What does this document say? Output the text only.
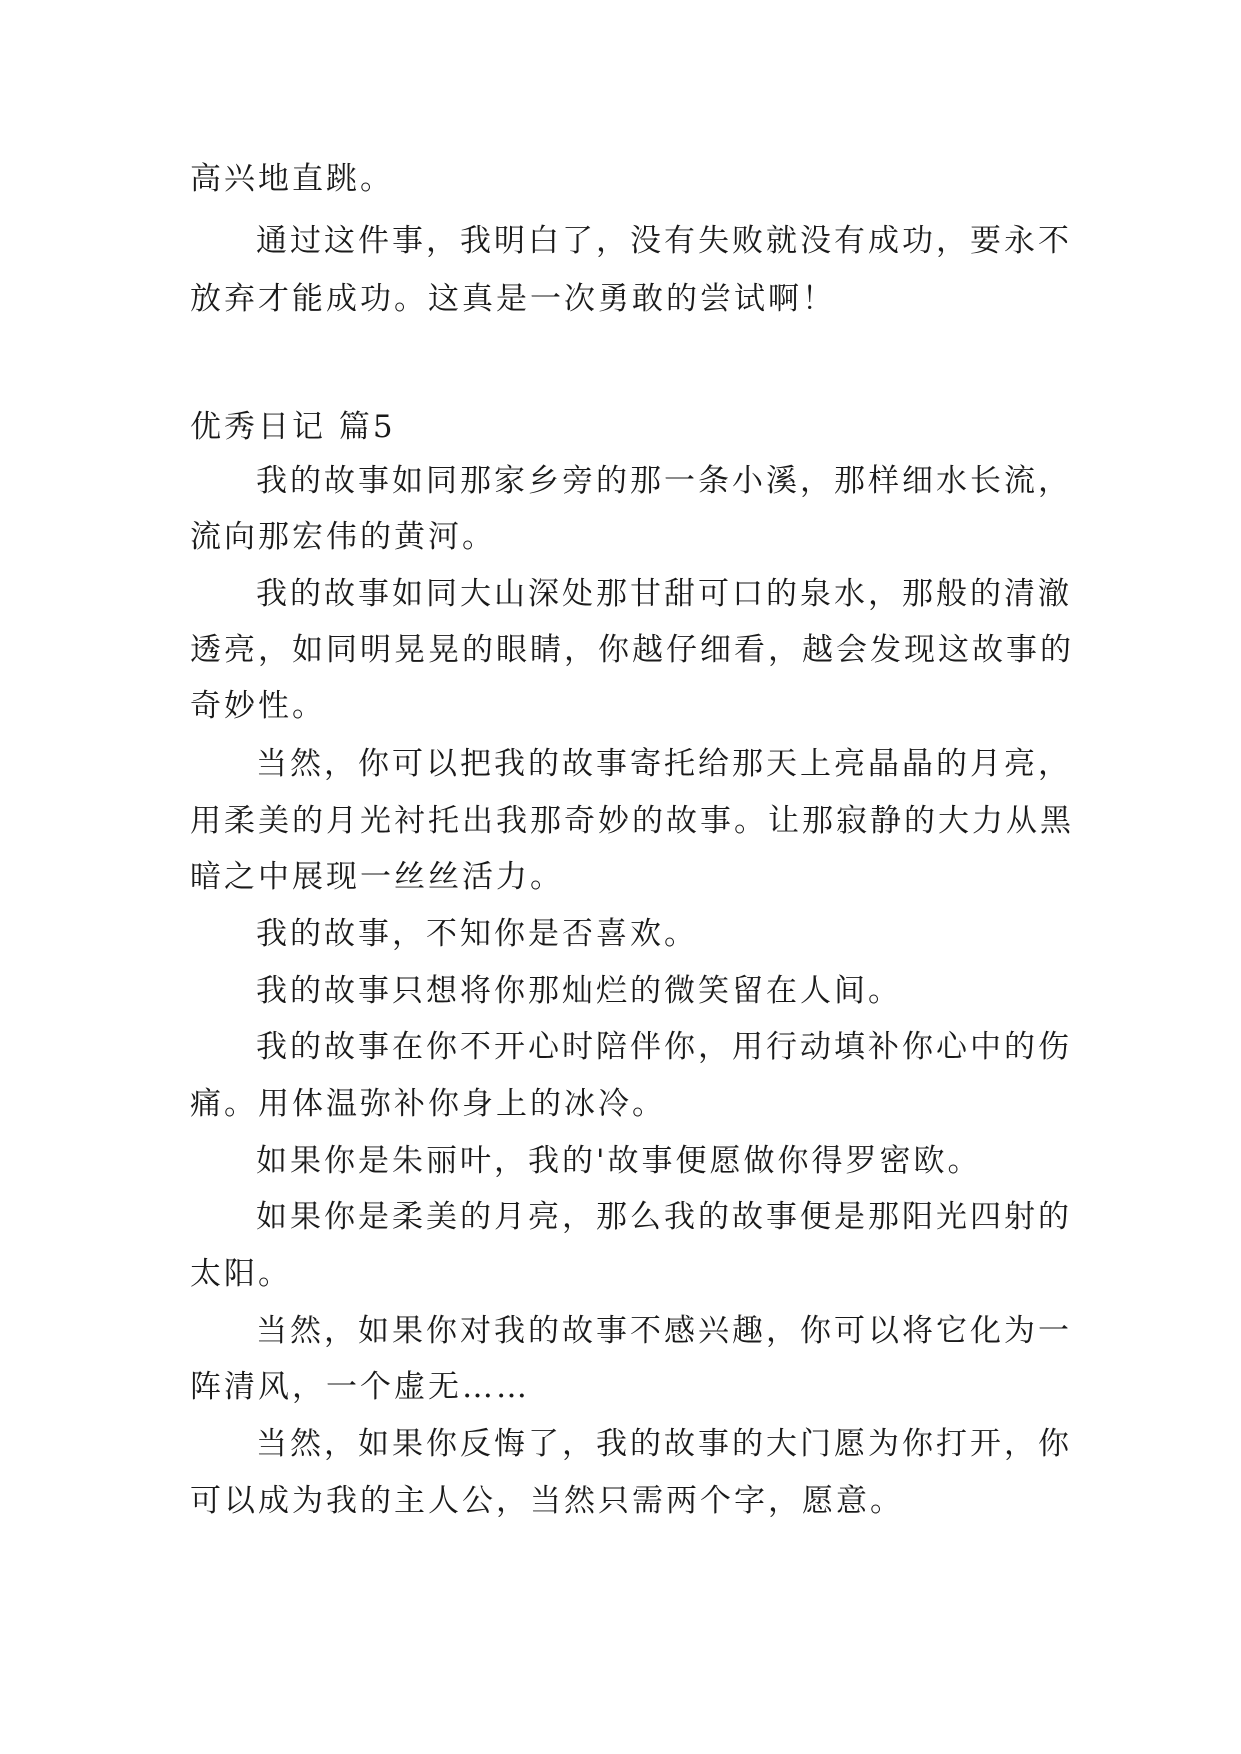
高兴地直跳。
通过这件事，我明白了，没有失败就没有成功，要永不
放弃才能成功。这真是一次勇敢的尝试啊！
优秀日记 篇5
我的故事如同那家乡旁的那一条小溪，那样细水长流，
流向那宏伟的黄河。
我的故事如同大山深处那甘甜可口的泉水，那般的清澈
透亮，如同明晃晃的眼睛，你越仔细看，越会发现这故事的
奇妙性。
当然，你可以把我的故事寄托给那天上亮晶晶的月亮，
用柔美的月光衬托出我那奇妙的故事。让那寂静的大力从黑
暗之中展现一丝丝活力。
我的故事，不知你是否喜欢。
我的故事只想将你那灿烂的微笑留在人间。
我的故事在你不开心时陪伴你，用行动填补你心中的伤
痛。用体温弥补你身上的冰冷。
如果你是朱丽叶，我的'故事便愿做你得罗密欧。
如果你是柔美的月亮，那么我的故事便是那阳光四射的
太阳。
当然，如果你对我的故事不感兴趣，你可以将它化为一
阵清风，一个虚无……
当然，如果你反悔了，我的故事的大门愿为你打开，你
可以成为我的主人公，当然只需两个字，愿意。
